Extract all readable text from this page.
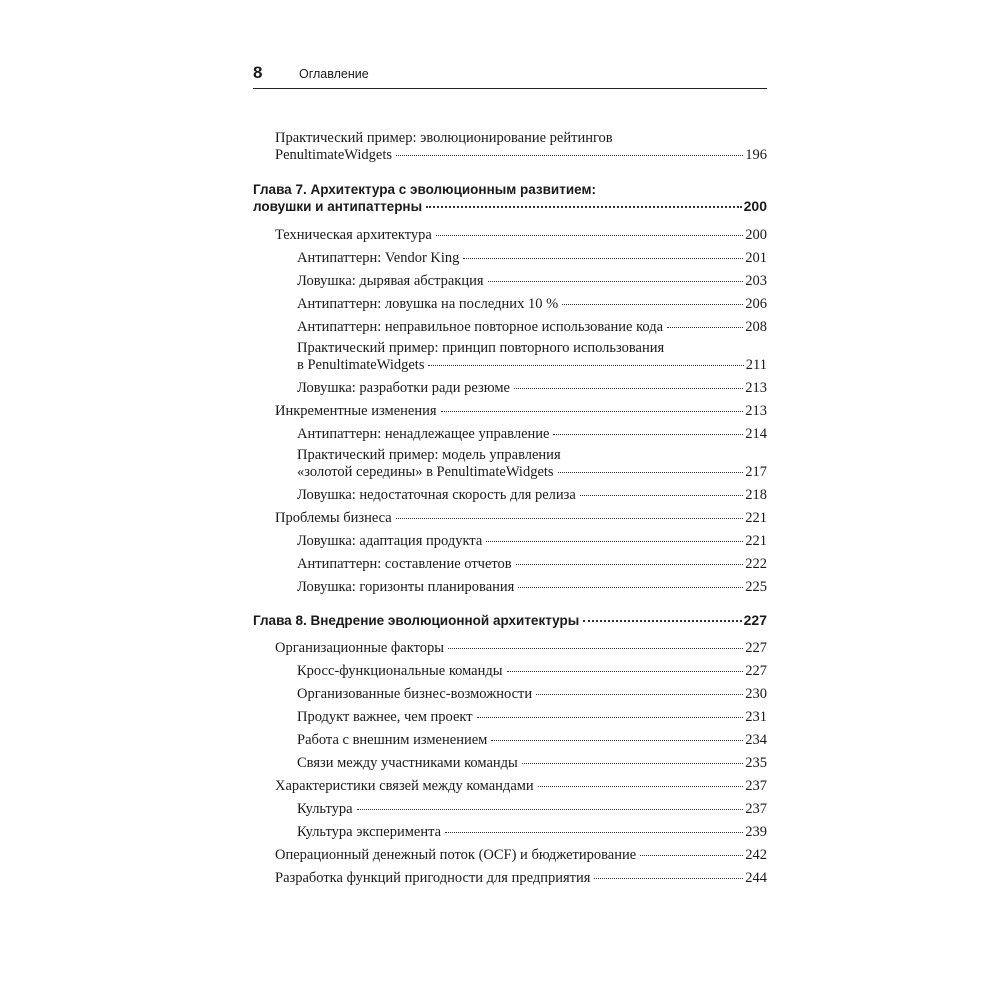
8	Оглавление
Практический пример: эволюционирование рейтингов
PenultimateWidgets	196
Глава 7. Архитектура с эволюционным развитием:
ловушки и антипаттерны	200
Техническая архитектура	200
Антипаттерн: Vendor King	201
Ловушка: дырявая абстракция	203
Антипаттерн: ловушка на последних 10 %	206
Антипаттерн: неправильное повторное использование кода	208
Практический пример: принцип повторного использования
в PenultimateWidgets	211
Ловушка: разработки ради резюме	213
Инкрементные изменения	213
Антипаттерн: ненадлежащее управление	214
Практический пример: модель управления
«золотой середины» в PenultimateWidgets	217
Ловушка: недостаточная скорость для релиза	218
Проблемы бизнеса	221
Ловушка: адаптация продукта	221
Антипаттерн: составление отчетов	222
Ловушка: горизонты планирования	225
Глава 8. Внедрение эволюционной архитектуры	227
Организационные факторы	227
Кросс-функциональные команды	227
Организованные бизнес-возможности	230
Продукт важнее, чем проект	231
Работа с внешним изменением	234
Связи между участниками команды	235
Характеристики связей между командами	237
Культура	237
Культура эксперимента	239
Операционный денежный поток (OCF) и бюджетирование	242
Разработка функций пригодности для предприятия	244
